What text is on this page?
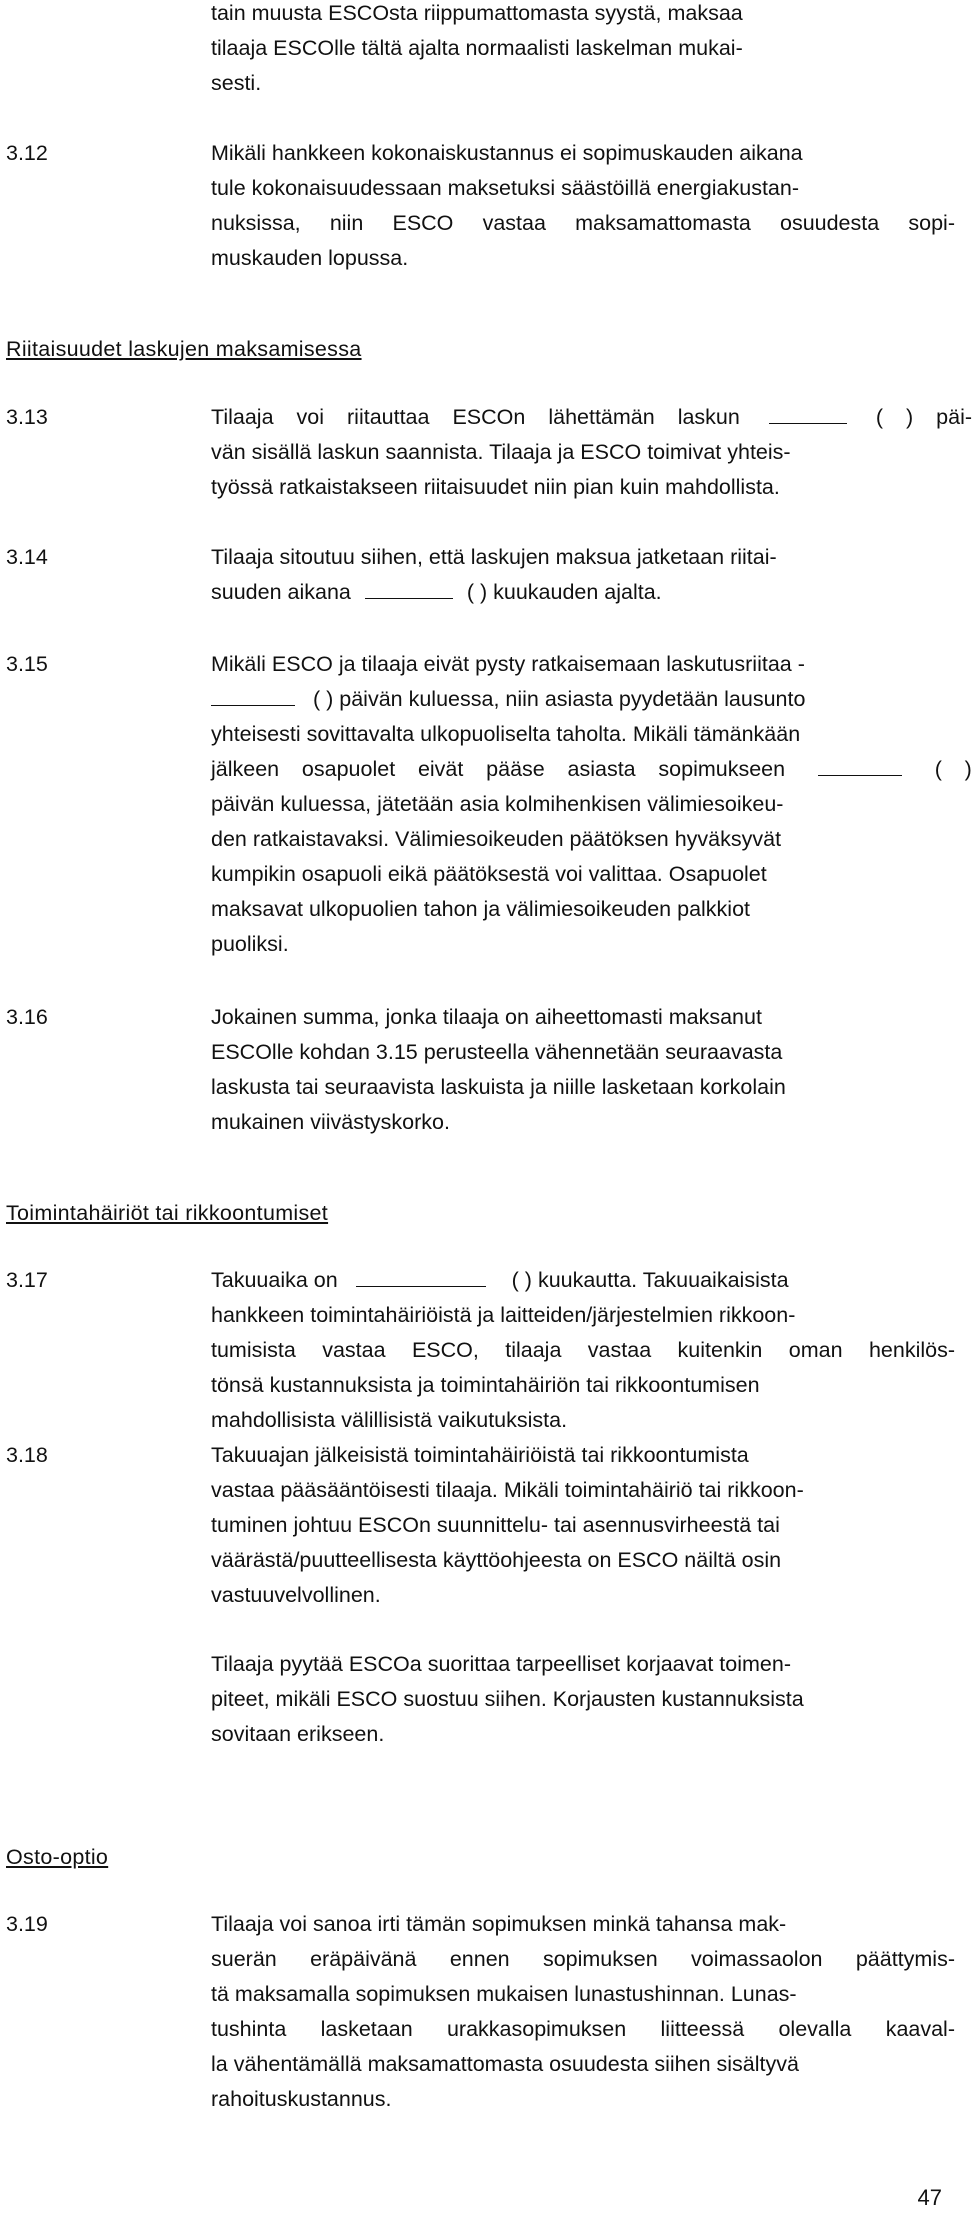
tain muusta ESCOsta riippumattomasta syystä, maksaa
tilaaja ESCOlle tältä ajalta normaalisti laskelman mukai-
sesti.
3.12	Mikäli hankkeen kokonaiskustannus ei sopimuskauden aikana
tule kokonaisuudessaan maksetuksi säästöillä energiakustan-
nuksissa, niin ESCO vastaa maksamattomasta osuudesta sopi-
muskauden lopussa.
Riitaisuudet laskujen maksamisessa
3.13	Tilaaja voi riitauttaa ESCOn lähettämän laskun	( ) päi-
vän sisällä laskun saannista. Tilaaja ja ESCO toimivat yhteis-
työssä ratkaistakseen riitaisuudet niin pian kuin mahdollista.
3.14	Tilaaja sitoutuu siihen, että laskujen maksua jatketaan riitai-
suuden aikana	( ) kuukauden ajalta.
3.15	Mikäli ESCO ja tilaaja eivät pysty ratkaisemaan laskutusriitaa -
( ) päivän kuluessa, niin asiasta pyydetään lausunto
yhteisesti sovittavalta ulkopuoliselta taholta. Mikäli tämänkään
jälkeen osapuolet eivät pääse asiasta sopimukseen	( )
päivän kuluessa, jätetään asia kolmihenkisen välimiesoikeu-
den ratkaistavaksi. Välimiesoikeuden päätöksen hyväksyvät
kumpikin osapuoli eikä päätöksestä voi valittaa. Osapuolet
maksavat ulkopuolien tahon ja välimiesoikeuden palkkiot
puoliksi.
3.16	Jokainen summa, jonka tilaaja on aiheettomasti maksanut
ESCOlle kohdan 3.15 perusteella vähennetään seuraavasta
laskusta tai seuraavista laskuista ja niille lasketaan korkolain
mukainen viivästyskorko.
Toimintahäiriöt tai rikkoontumiset
3.17	Takuuaika on	( ) kuukautta. Takuuaikaisista
hankkeen toimintahäiriöistä ja laitteiden/järjestelmien rikkoon-
tumisista vastaa ESCO, tilaaja vastaa kuitenkin oman henkilös-
tönsä kustannuksista ja toimintahäiriön tai rikkoontumisen
mahdollisista välillisistä vaikutuksista.
3.18	Takuuajan jälkeisistä toimintahäiriöistä tai rikkoontumista
vastaa pääsääntöisesti tilaaja. Mikäli toimintahäiriö tai rikkoon-
tuminen johtuu ESCOn suunnittelu- tai asennusvirheestä tai
väärästä/puutteellisesta käyttöohjeesta on ESCO näiltä osin
vastuuvelvollinen.
Tilaaja pyytää ESCOa suorittaa tarpeelliset korjaavat toimen-
piteet, mikäli ESCO suostuu siihen. Korjausten kustannuksista
sovitaan erikseen.
Osto-optio
3.19	Tilaaja voi sanoa irti tämän sopimuksen minkä tahansa mak-
suerän eräpäivänä ennen sopimuksen voimassaolon päättymis-
tä maksamalla sopimuksen mukaisen lunastushinnan. Lunas-
tushinta lasketaan urakkasopimuksen liitteessä olevalla kaaval-
la vähentämällä maksamattomasta osuudesta siihen sisältyvä
rahoituskustannus.
47
